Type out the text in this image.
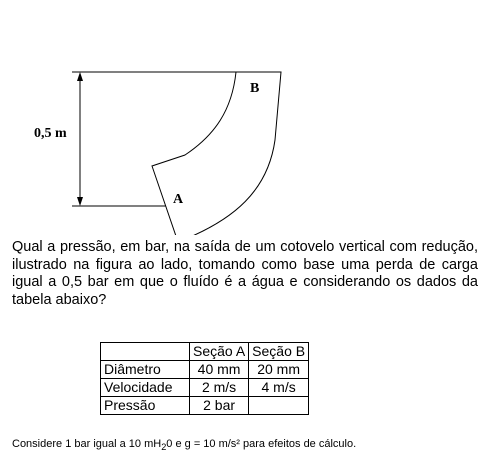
0,5 m
A
B

Qual a pressão, em bar, na saída de um cotovelo vertical com redução, ilustrado na figura ao lado, tomando como base uma perda de carga igual a 0,5 bar em que o fluído é a água e considerando os dados da tabela abaixo?

	Seção A	Seção B
Diâmetro	40 mm	20 mm
Velocidade	2 m/s	4 m/s
Pressão	2 bar	

Considere 1 bar igual a 10 $mH_20$ e g = 10 m/s² para efeitos de cálculo.
